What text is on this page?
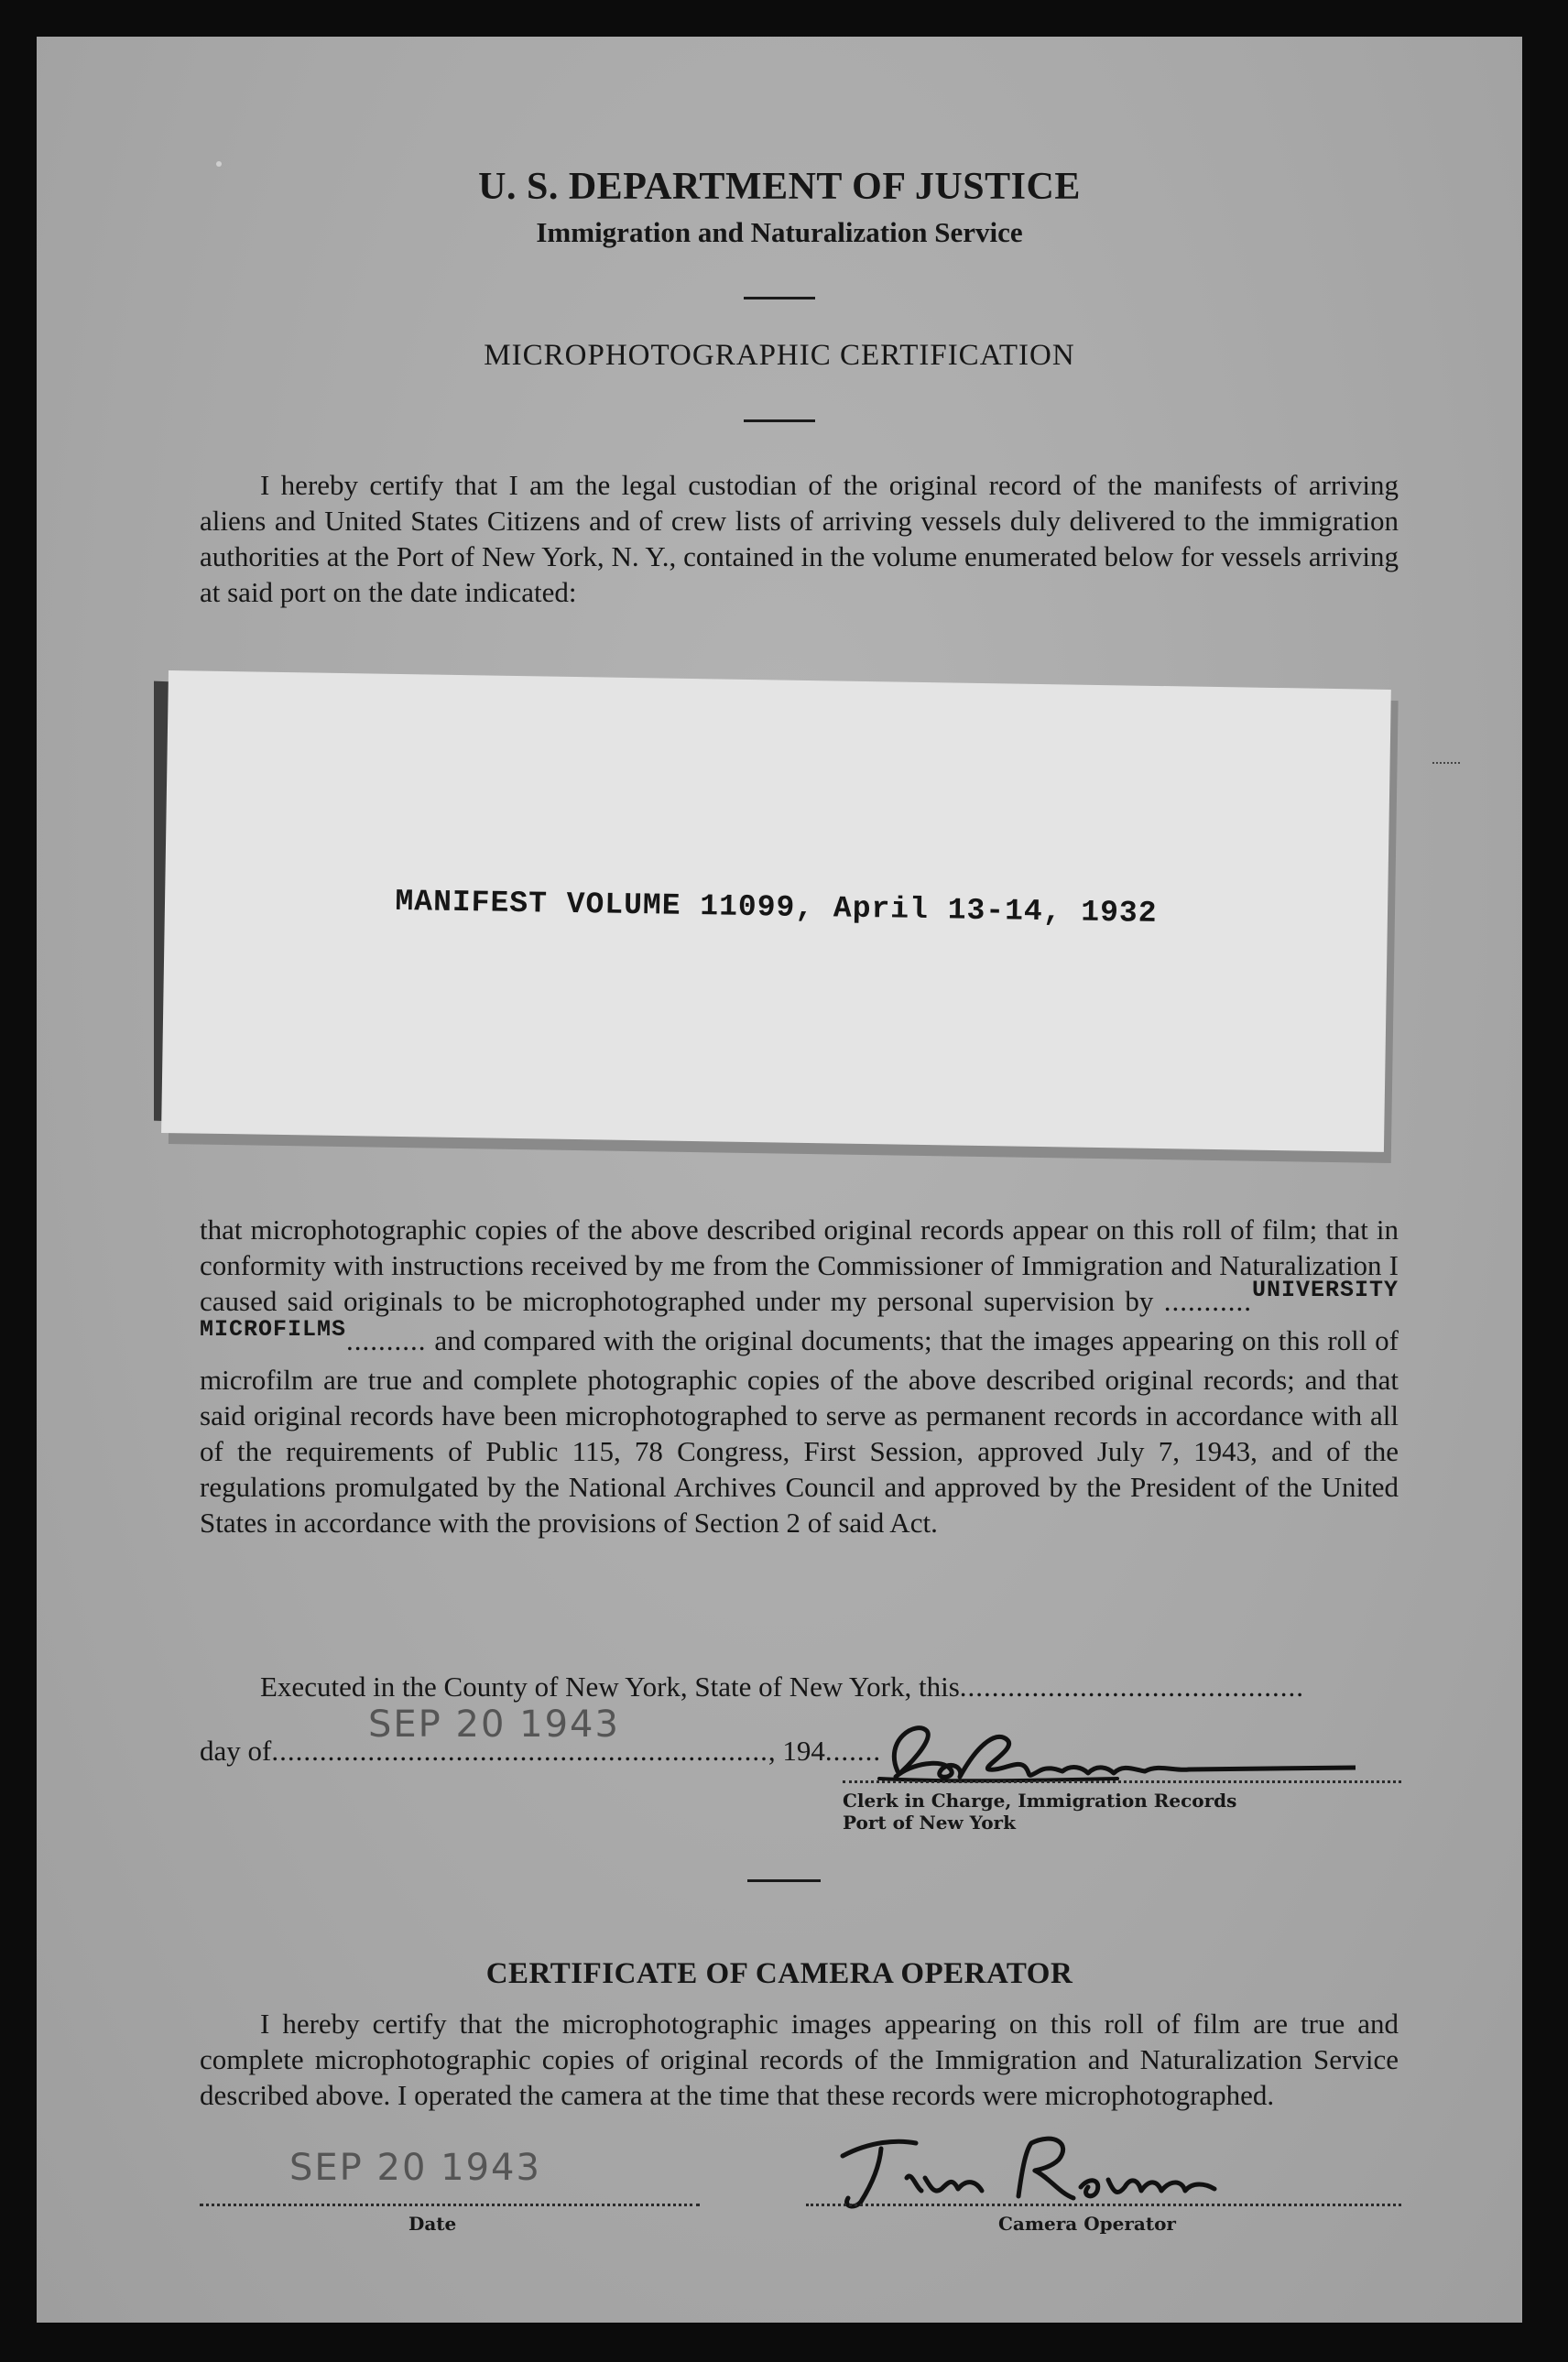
U. S. DEPARTMENT OF JUSTICE
Immigration and Naturalization Service
MICROPHOTOGRAPHIC CERTIFICATION

I hereby certify that I am the legal custodian of the original record of the manifests of arriving aliens and United States Citizens and of crew lists of arriving vessels duly delivered to the immigration authorities at the Port of New York, N. Y., contained in the volume enumerated below for vessels arriving at said port on the date indicated:

MANIFEST VOLUME 11099, April 13-14, 1932

that microphotographic copies of the above described original records appear on this roll of film; that in conformity with instructions received by me from the Commissioner of Immigration and Naturalization I caused said originals to be microphotographed under my personal supervision by ...........$^{UNIVERSITY MICROFILMS}$.......... and compared with the original documents; that the images appearing on this roll of microfilm are true and complete photographic copies of the above described original records; and that said original records have been microphotographed to serve as permanent records in accordance with all of the requirements of Public 115, 78 Congress, First Session, approved July 7, 1943, and of the regulations promulgated by the National Archives Council and approved by the President of the United States in accordance with the provisions of Section 2 of said Act.

Executed in the County of New York, State of New York, this...........................................
day of.............................................................., 194.......
SEP 20 1943
Clerk in Charge, Immigration Records
Port of New York
CERTIFICATE OF CAMERA OPERATOR

I hereby certify that the microphotographic images appearing on this roll of film are true and complete microphotographic copies of original records of the Immigration and Naturalization Service described above. I operated the camera at the time that these records were microphotographed.

SEP 20 1943
Date	Camera Operator
